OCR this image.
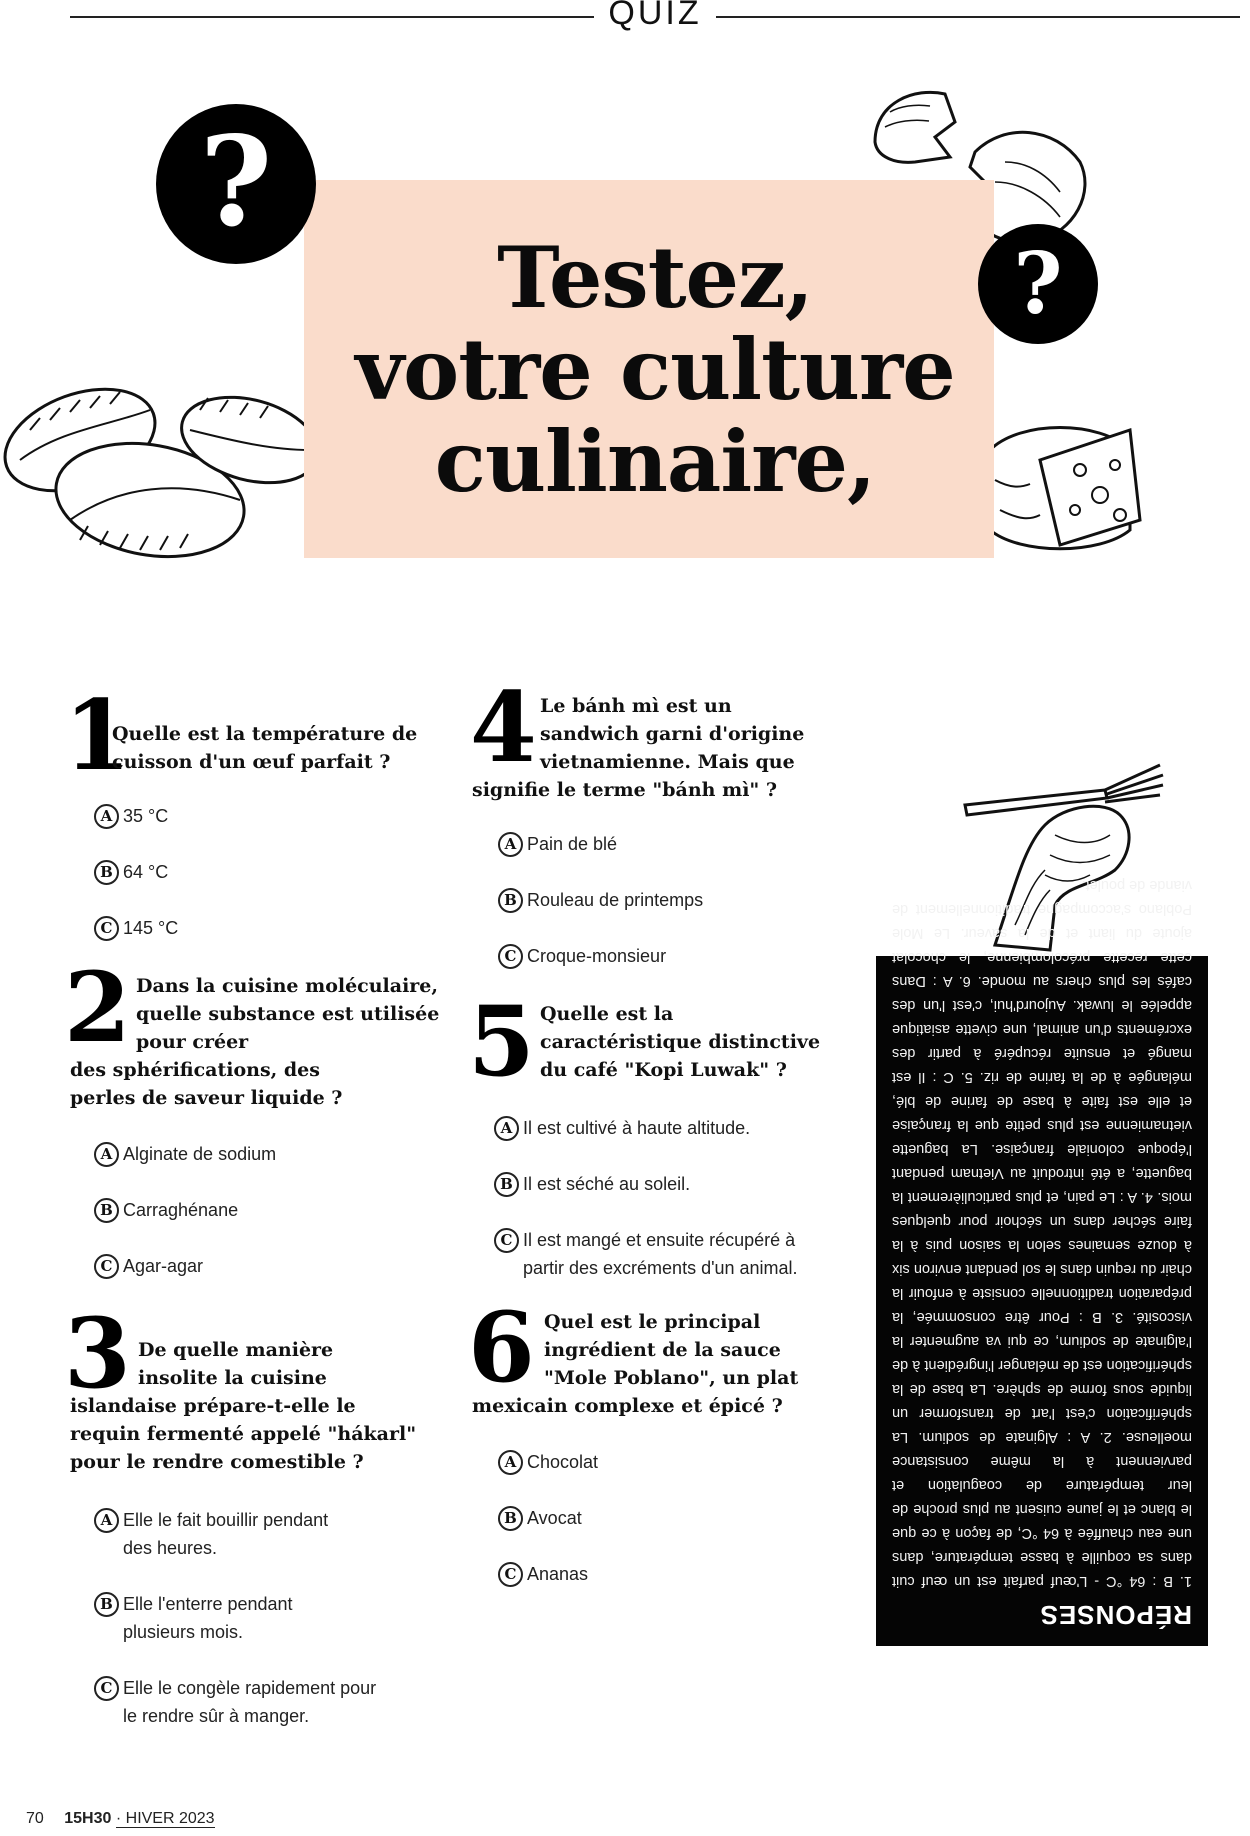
QUIZ
?
?
Testez,
votre culture
culinaire,
1
Quelle est la température de cuisson d'un œuf parfait ?
A 35 °C
B 64 °C
C 145 °C
2 Dans la cuisine moléculaire, quelle substance est utilisée pour créer
des sphérifications, des perles de saveur liquide ?
A Alginate de sodium
B Carraghénane
C Agar-agar
3 De quelle manière insolite la cuisine
islandaise prépare-t-elle le requin fermenté appelé "hákarl" pour le rendre comestible ?
A Elle le fait bouillir pendant des heures.
B Elle l'enterre pendant plusieurs mois.
C Elle le congèle rapidement pour le rendre sûr à manger.
4 Le bánh mì est un sandwich garni d'origine vietnamienne. Mais que
signifie le terme "bánh mì" ?
A Pain de blé
B Rouleau de printemps
C Croque-monsieur
5 Quelle est la caractéristique distinctive du café "Kopi Luwak" ?
A Il est cultivé à haute altitude.
B Il est séché au soleil.
C Il est mangé et ensuite récupéré à partir des excréments d'un animal.
6 Quel est le principal ingrédient de la sauce "Mole Poblano", un plat
mexicain complexe et épicé ?
A Chocolat
B Avocat
C Ananas
RÉPONSES
1. B : 64 °C - L'œuf parfait est un œuf cuit dans sa coquille à basse température, dans une eau chauffée à 64 °C, de façon à ce que le blanc et le jaune cuisent au plus proche de leur température de coagulation et parviennent à la même consistance moelleuse. 2. A : Alginate de sodium. La sphérification c'est l'art de transformer un liquide sous forme de sphère. La base de la sphérification est de mélanger l'ingrédient à de l'alginate de sodium, ce qui va augmenter la viscosité. 3. B : Pour être consommée, la préparation traditionnelle consiste à enfouir la chair du requin dans le sol pendant environ six à douze semaines selon la saison puis à la faire sécher dans un séchoir pour quelques mois. 4. A : Le pain, et plus particulièrement la baguette, a été introduit au Vietnam pendant l'époque coloniale française. La baguette vietnamienne est plus petite que la française et elle est faite à base de farine de blé, mélangée à de la farine de riz. 5. C : Il est mangé et ensuite récupéré à partir des excréments d'un animal, une civette asiatique appelée le luwak. Aujourd'hui, c'est l'un des cafés les plus chers au monde. 6. A : Dans cette recette précolombienne, le chocolat ajoute du liant et de la saveur. Le Mole Poblano s'accompagne traditionnellement de viande de poulet.
70 15H30 · HIVER 2023
